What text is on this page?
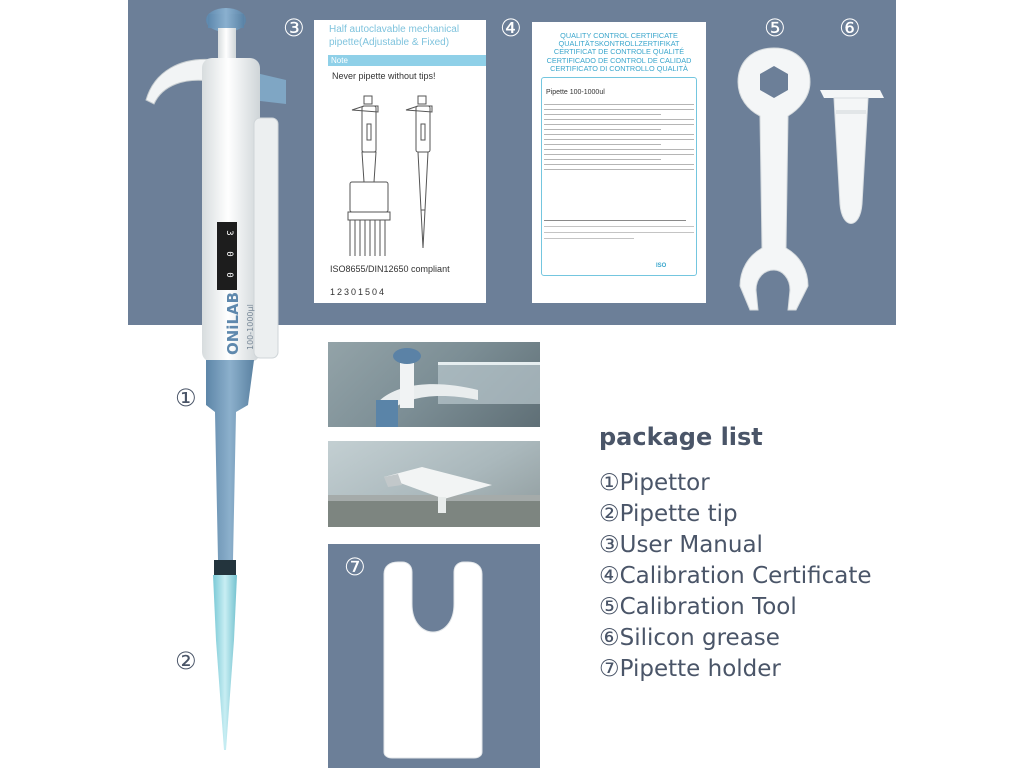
3
0
0
ONiLAB 100-1000μl
①
②
③ Half autoclavable mechanical pipette(Adjustable & Fixed)
Note
Never pipette without tips!
ISO8655/DIN12650 compliant
12301504
④	QUALITY CONTROL CERTIFICATE
QUALITÄTSKONTROLLZERTIFIKAT
CERTIFICAT DE CONTROLE QUALITÉ
CERTIFICADO DE CONTROL DE CALIDAD
CERTIFICATO DI CONTROLLO QUALITÀ
Pipette 100-1000ul
ISO
⑤ ⑥
⑦
package list
①Pipettor
②Pipette tip
③User Manual
④Calibration Certificate
⑤Calibration Tool
⑥Silicon grease
⑦Pipette holder
